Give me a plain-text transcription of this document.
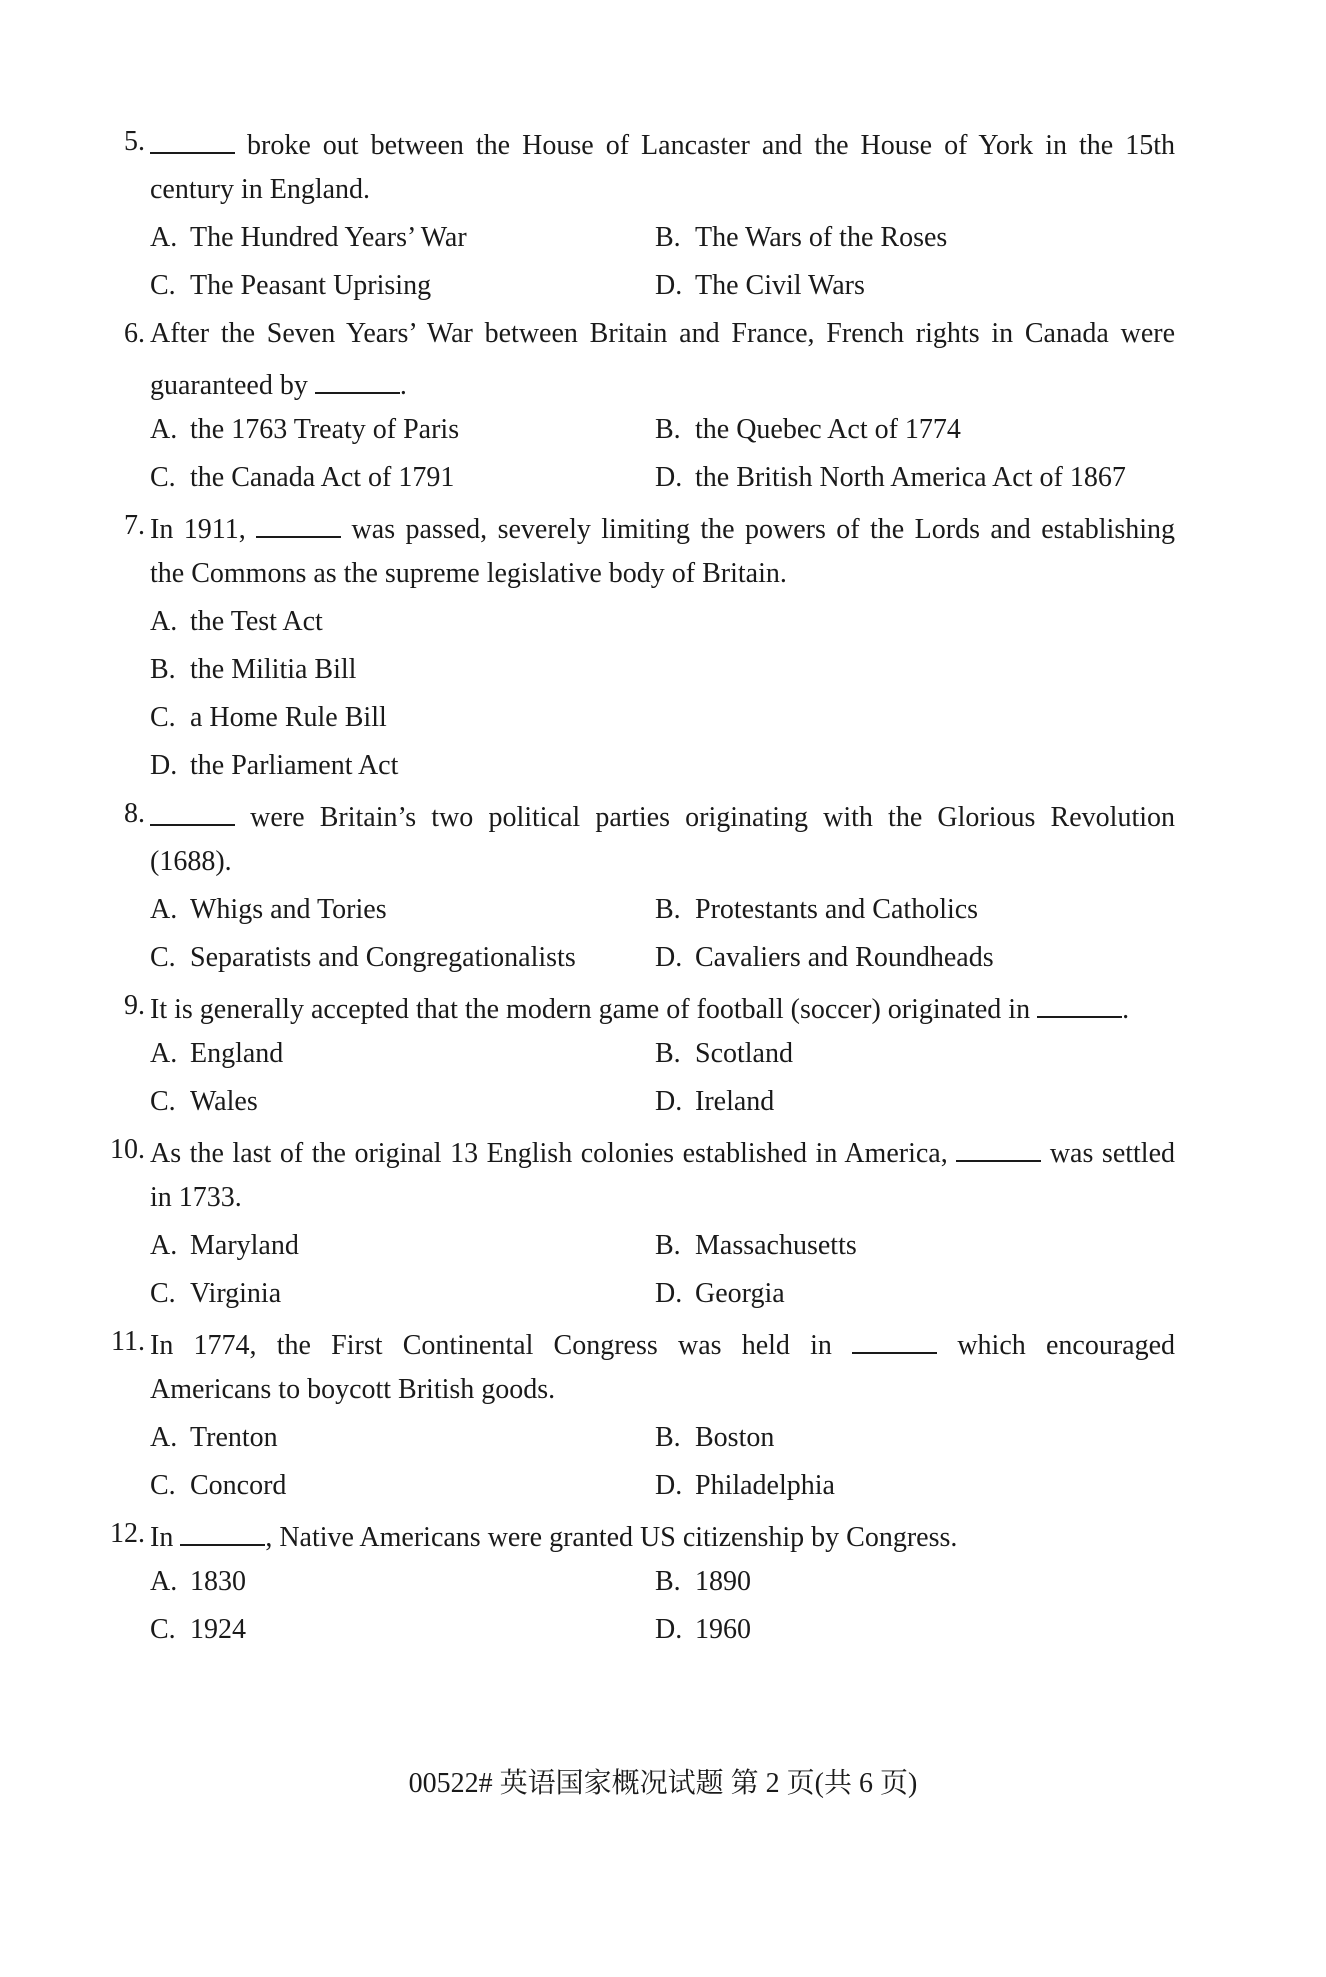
5.	broke out between the House of Lancaster and the House of York in the 15th
century in England.
A. The Hundred Years’ War	B. The Wars of the Roses
C. The Peasant Uprising	D. The Civil Wars
6. After the Seven Years’ War between Britain and France, French rights in Canada were
guaranteed by	.
A. the 1763 Treaty of Paris	B. the Quebec Act of 1774
C. the Canada Act of 1791	D. the British North America Act of 1867
7. In 1911,	was passed, severely limiting the powers of the Lords and establishing
the Commons as the supreme legislative body of Britain.
A. the Test Act
B. the Militia Bill
C. a Home Rule Bill
D. the Parliament Act
8.	were Britain’s two political parties originating with the Glorious Revolution
(1688).
A. Whigs and Tories	B. Protestants and Catholics
C. Separatists and Congregationalists	D. Cavaliers and Roundheads
9. It is generally accepted that the modern game of football (soccer) originated in	.
A. England	B. Scotland
C. Wales	D. Ireland
10. As the last of the original 13 English colonies established in America,	was settled
in 1733.
A. Maryland	B. Massachusetts
C. Virginia	D. Georgia
11. In 1774, the First Continental Congress was held in	which encouraged
Americans to boycott British goods.
A. Trenton	B. Boston
C. Concord	D. Philadelphia
12. In	, Native Americans were granted US citizenship by Congress.
A. 1830	B. 1890
C. 1924	D. 1960
00522# 英语国家概况试题 第 2 页(共 6 页)
